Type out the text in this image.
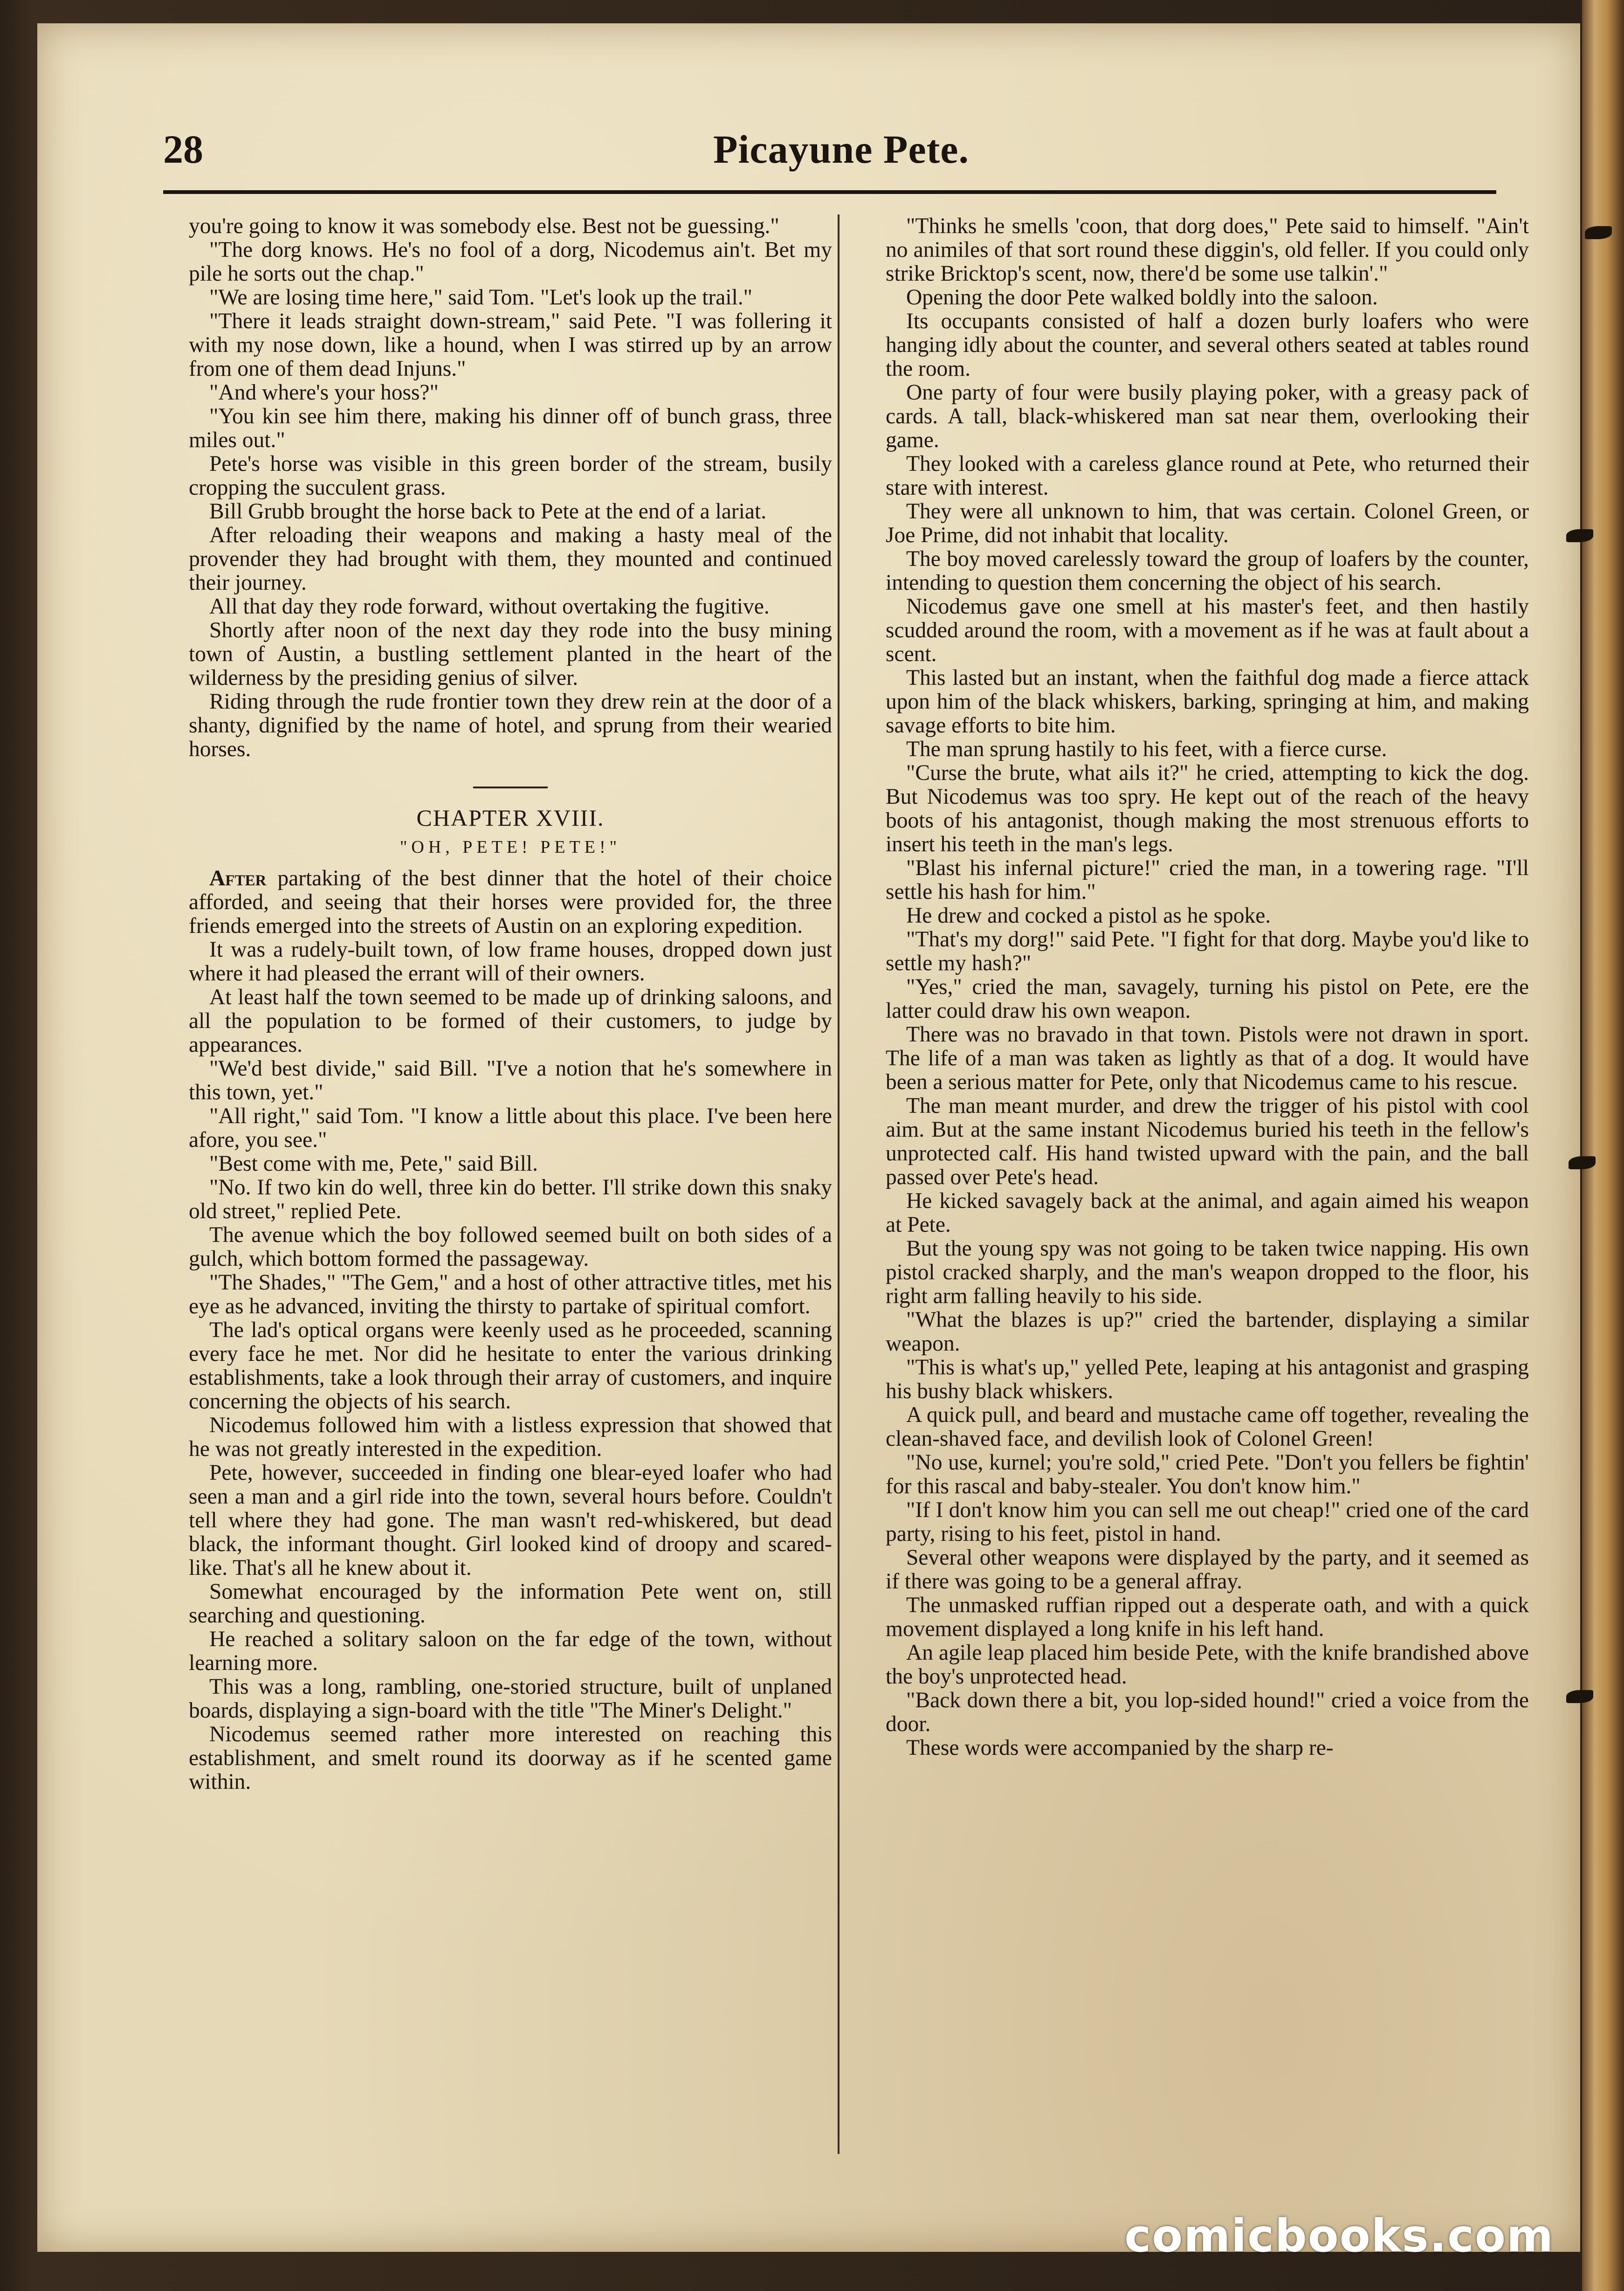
28	Picayune Pete.

you're going to know it was somebody else. Best not be guessing."

"The dorg knows. He's no fool of a dorg, Nicodemus ain't. Bet my pile he sorts out the chap."

"We are losing time here," said Tom. "Let's look up the trail."

"There it leads straight down-stream," said Pete. "I was follering it with my nose down, like a hound, when I was stirred up by an arrow from one of them dead Injuns."

"And where's your hoss?"

"You kin see him there, making his dinner off of bunch grass, three miles out."

Pete's horse was visible in this green border of the stream, busily cropping the succulent grass.

Bill Grubb brought the horse back to Pete at the end of a lariat.

After reloading their weapons and making a hasty meal of the provender they had brought with them, they mounted and continued their journey.

All that day they rode forward, without overtaking the fugitive.

Shortly after noon of the next day they rode into the busy mining town of Austin, a bustling settlement planted in the heart of the wilderness by the presiding genius of silver.

Riding through the rude frontier town they drew rein at the door of a shanty, dignified by the name of hotel, and sprung from their wearied horses.

CHAPTER XVIII.
"OH, PETE! PETE!"

After partaking of the best dinner that the hotel of their choice afforded, and seeing that their horses were provided for, the three friends emerged into the streets of Austin on an exploring expedition.

It was a rudely-built town, of low frame houses, dropped down just where it had pleased the errant will of their owners.

At least half the town seemed to be made up of drinking saloons, and all the population to be formed of their customers, to judge by appearances.

"We'd best divide," said Bill. "I've a notion that he's somewhere in this town, yet."

"All right," said Tom. "I know a little about this place. I've been here afore, you see."

"Best come with me, Pete," said Bill.

"No. If two kin do well, three kin do better. I'll strike down this snaky old street," replied Pete.

The avenue which the boy followed seemed built on both sides of a gulch, which bottom formed the passageway.

"The Shades," "The Gem," and a host of other attractive titles, met his eye as he advanced, inviting the thirsty to partake of spiritual comfort.

The lad's optical organs were keenly used as he proceeded, scanning every face he met. Nor did he hesitate to enter the various drinking establishments, take a look through their array of customers, and inquire concerning the objects of his search.

Nicodemus followed him with a listless expression that showed that he was not greatly interested in the expedition.

Pete, however, succeeded in finding one blear-eyed loafer who had seen a man and a girl ride into the town, several hours before. Couldn't tell where they had gone. The man wasn't red-whiskered, but dead black, the informant thought. Girl looked kind of droopy and scared-like. That's all he knew about it.

Somewhat encouraged by the information Pete went on, still searching and questioning.

He reached a solitary saloon on the far edge of the town, without learning more.

This was a long, rambling, one-storied structure, built of unplaned boards, displaying a sign-board with the title "The Miner's Delight."

Nicodemus seemed rather more interested on reaching this establishment, and smelt round its doorway as if he scented game within.

"Thinks he smells 'coon, that dorg does," Pete said to himself. "Ain't no animiles of that sort round these diggin's, old feller. If you could only strike Bricktop's scent, now, there'd be some use talkin'."

Opening the door Pete walked boldly into the saloon.

Its occupants consisted of half a dozen burly loafers who were hanging idly about the counter, and several others seated at tables round the room.

One party of four were busily playing poker, with a greasy pack of cards. A tall, black-whiskered man sat near them, overlooking their game.

They looked with a careless glance round at Pete, who returned their stare with interest.

They were all unknown to him, that was certain. Colonel Green, or Joe Prime, did not inhabit that locality.

The boy moved carelessly toward the group of loafers by the counter, intending to question them concerning the object of his search.

Nicodemus gave one smell at his master's feet, and then hastily scudded around the room, with a movement as if he was at fault about a scent.

This lasted but an instant, when the faithful dog made a fierce attack upon him of the black whiskers, barking, springing at him, and making savage efforts to bite him.

The man sprung hastily to his feet, with a fierce curse.

"Curse the brute, what ails it?" he cried, attempting to kick the dog. But Nicodemus was too spry. He kept out of the reach of the heavy boots of his antagonist, though making the most strenuous efforts to insert his teeth in the man's legs.

"Blast his infernal picture!" cried the man, in a towering rage. "I'll settle his hash for him."

He drew and cocked a pistol as he spoke.

"That's my dorg!" said Pete. "I fight for that dorg. Maybe you'd like to settle my hash?"

"Yes," cried the man, savagely, turning his pistol on Pete, ere the latter could draw his own weapon.

There was no bravado in that town. Pistols were not drawn in sport. The life of a man was taken as lightly as that of a dog. It would have been a serious matter for Pete, only that Nicodemus came to his rescue.

The man meant murder, and drew the trigger of his pistol with cool aim. But at the same instant Nicodemus buried his teeth in the fellow's unprotected calf. His hand twisted upward with the pain, and the ball passed over Pete's head.

He kicked savagely back at the animal, and again aimed his weapon at Pete.

But the young spy was not going to be taken twice napping. His own pistol cracked sharply, and the man's weapon dropped to the floor, his right arm falling heavily to his side.

"What the blazes is up?" cried the bartender, displaying a similar weapon.

"This is what's up," yelled Pete, leaping at his antagonist and grasping his bushy black whiskers.

A quick pull, and beard and mustache came off together, revealing the clean-shaved face, and devilish look of Colonel Green!

"No use, kurnel; you're sold," cried Pete. "Don't you fellers be fightin' for this rascal and baby-stealer. You don't know him."

"If I don't know him you can sell me out cheap!" cried one of the card party, rising to his feet, pistol in hand.

Several other weapons were displayed by the party, and it seemed as if there was going to be a general affray.

The unmasked ruffian ripped out a desperate oath, and with a quick movement displayed a long knife in his left hand.

An agile leap placed him beside Pete, with the knife brandished above the boy's unprotected head.

"Back down there a bit, you lop-sided hound!" cried a voice from the door.

These words were accompanied by the sharp re-

comicbooks.com
